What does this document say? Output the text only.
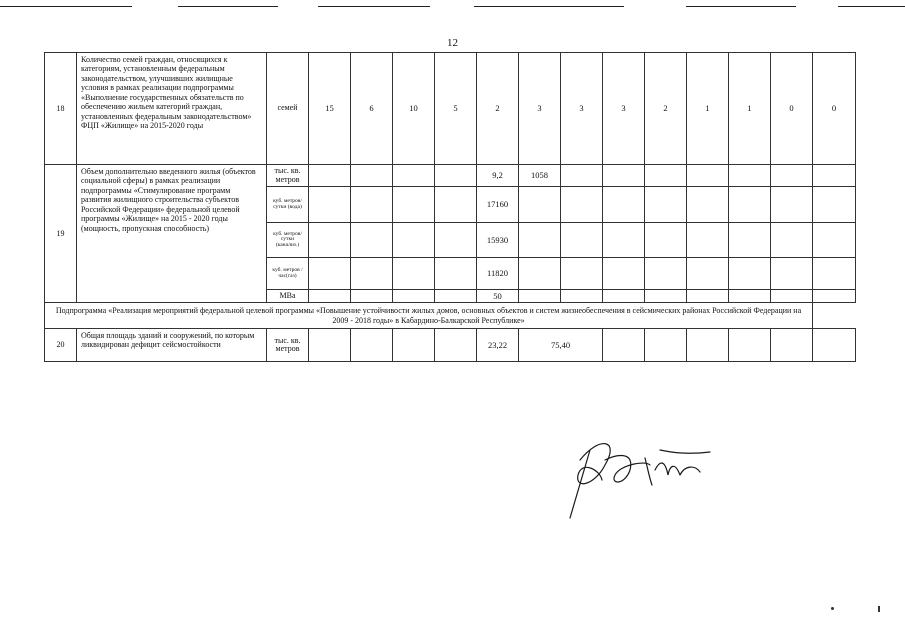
12
18	Количество семей граждан, относящихся к категориям, установленным федеральным законодательством, улучшивших жилищные условия в рамках реализации подпрограммы «Выполнение государственных обязательств по обеспечению жильем категорий граждан, установленных федеральным законодательством» ФЦП «Жилище» на 2015-2020 годы	семей	15	6	10	5	2	3	3	3	2	1	1	0	0
19	Объем дополнительно введенного жилья (объектов социальной сферы) в рамках реализации подпрограммы «Стимулирование программ развития жилищного строительства субъектов Российской Федерации» федеральной целевой программы «Жилище» на 2015 - 2020 годы (мощность, пропускная способность)	тыс. кв. метров					9,2	1058							
		куб. метров/ сутки (вода)					17160								
		куб. метров/ сутки (канализ.)					15930								
		куб. метров /час(газ)					11820								
		МВа					50								
Подпрограмма «Реализация мероприятий федеральной целевой программы «Повышение устойчивости жилых домов, основных объектов и систем жизнеобеспечения в сейсмических районах Российской Федерации на 2009 - 2018 годы» в Кабардино-Балкарской Республике»															
20	Общая площадь зданий и сооружений, по которым ликвидирован дефицит сейсмостойкости	тыс. кв. метров					23,22	75,40							
